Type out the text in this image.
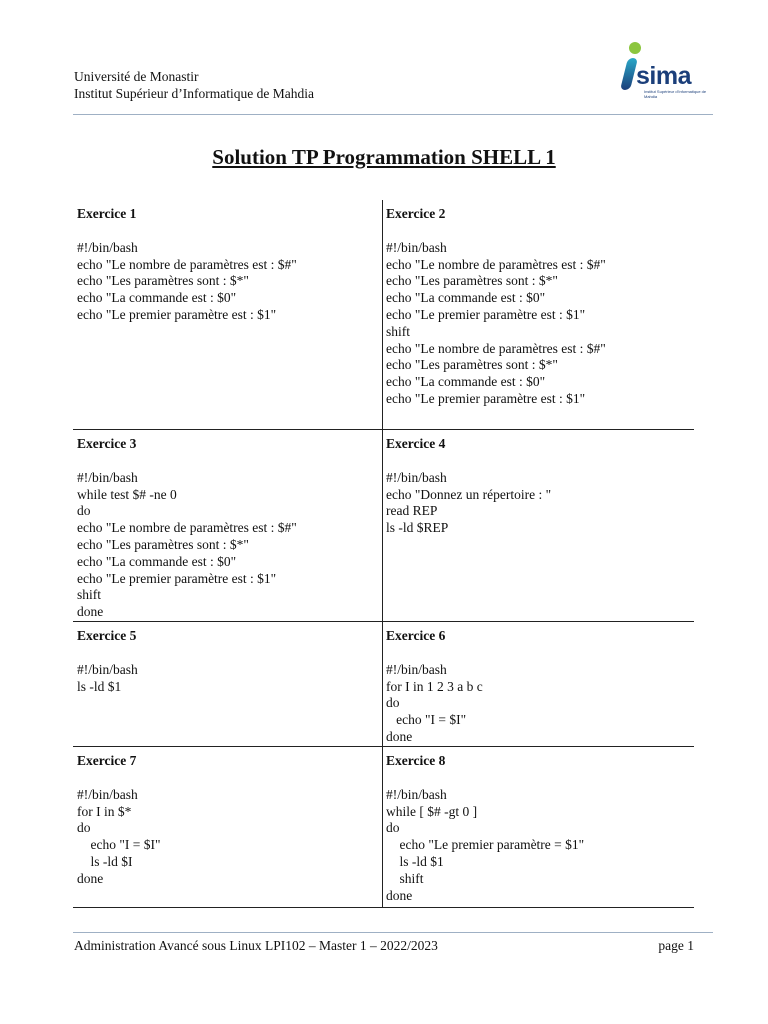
Université de Monastir
Institut Supérieur d’Informatique de Mahdia
sima
Institut Supérieur d'Informatique de Mahdia
Solution TP Programmation SHELL 1
Exercice 1
#!/bin/bash
echo "Le nombre de paramètres est : $#"
echo "Les paramètres sont : $*"
echo "La commande est : $0"
echo "Le premier paramètre est : $1"
Exercice 2
#!/bin/bash
echo "Le nombre de paramètres est : $#"
echo "Les paramètres sont : $*"
echo "La commande est : $0"
echo "Le premier paramètre est : $1"
shift
echo "Le nombre de paramètres est : $#"
echo "Les paramètres sont : $*"
echo "La commande est : $0"
echo "Le premier paramètre est : $1"
Exercice 3
#!/bin/bash
while test $# -ne 0
do
echo "Le nombre de paramètres est : $#"
echo "Les paramètres sont : $*"
echo "La commande est : $0"
echo "Le premier paramètre est : $1"
shift
done
Exercice 4
#!/bin/bash
echo "Donnez un répertoire : "
read REP
ls -ld $REP
Exercice 5
#!/bin/bash
ls -ld $1
Exercice 6
#!/bin/bash
for I in 1 2 3 a b c
do
echo "I = $I"
done
Exercice 7
#!/bin/bash
for I in $*
do
echo "I = $I"
ls -ld $I
done
Exercice 8
#!/bin/bash
while [ $# -gt 0 ]
do
echo "Le premier paramètre = $1"
ls -ld $1
shift
done
Administration Avancé sous Linux LPI102 – Master 1 – 2022/2023	page 1
